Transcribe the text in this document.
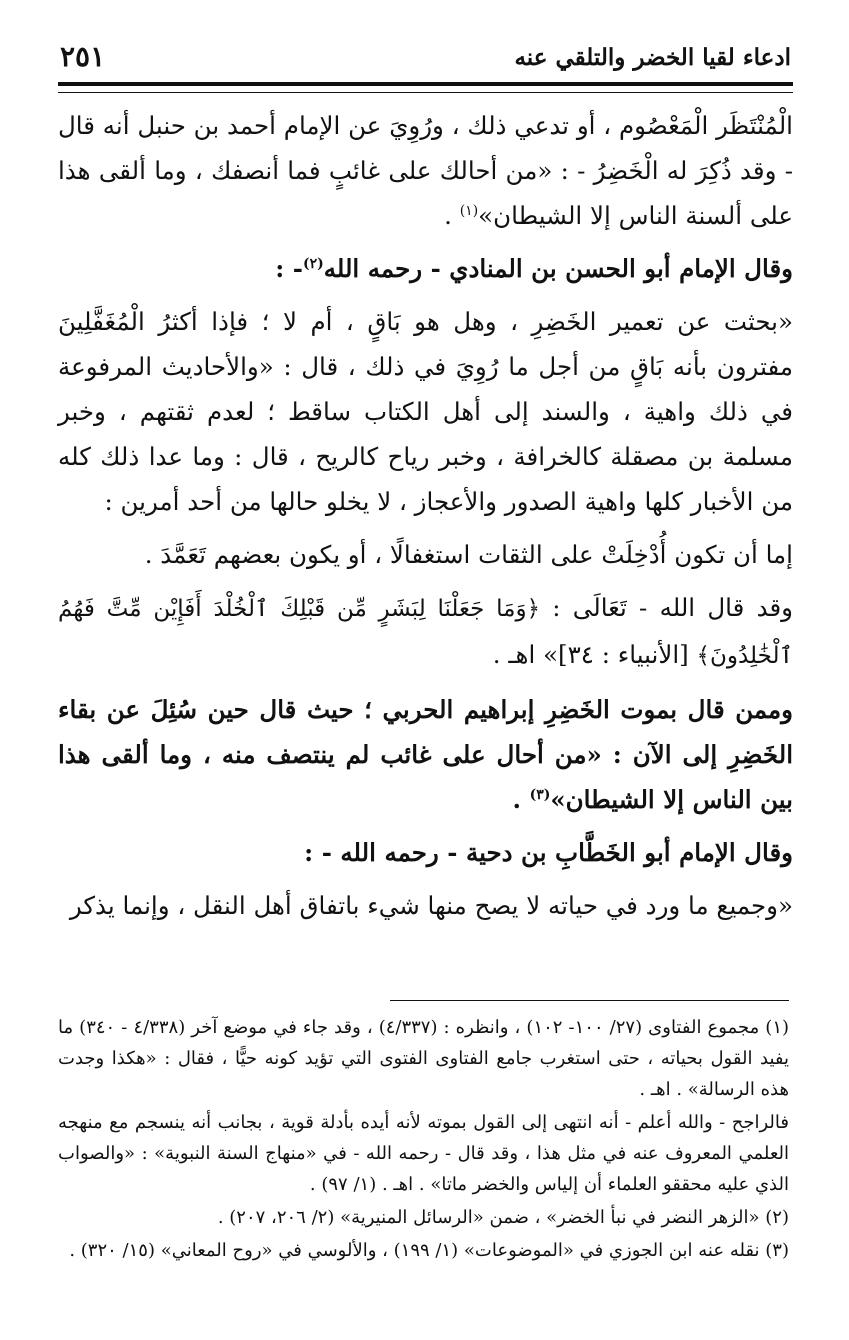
ادعاء لقيا الخضر والتلقي عنه
٢٥١

الْمُنْتَظَر الْمَعْصُوم ، أو تدعي ذلك ، ورُوِيَ عن الإمام أحمد بن حنبل أنه قال - وقد ذُكِرَ له الْخَضِرُ - : «من أحالك على غائبٍ فما أنصفك ، وما ألقى هذا على ألسنة الناس إلا الشيطان»$^{(١)}$ .

وقال الإمام أبو الحسن بن المنادي - رحمه الله$^{(٢)}$- :

«بحثت عن تعمير الخَضِرِ ، وهل هو بَاقٍ ، أم لا ؛ فإذا أكثرُ الْمُغَفَّلِينَ مفترون بأنه بَاقٍ من أجل ما رُوِيَ في ذلك ، قال : «والأحاديث المرفوعة في ذلك واهية ، والسند إلى أهل الكتاب ساقط ؛ لعدم ثقتهم ، وخبر مسلمة بن مصقلة كالخرافة ، وخبر رياح كالريح ، قال : وما عدا ذلك كله من الأخبار كلها واهية الصدور والأعجاز ، لا يخلو حالها من أحد أمرين :

إما أن تكون أُدْخِلَتْ على الثقات استغفالًا ، أو يكون بعضهم تَعَمَّدَ .

وقد قال الله - تَعَالَى : ﴿وَمَا جَعَلْنَا لِبَشَرٍ مِّن قَبْلِكَ ٱلْخُلْدَ أَفَإِيْن مِّتَّ فَهُمُ ٱلْخَٰلِدُونَ﴾ [الأنبياء : ٣٤]» اهـ .

وممن قال بموت الخَضِرِ إبراهيم الحربي ؛ حيث قال حين سُئِلَ عن بقاء الخَضِرِ إلى الآن : «من أحال على غائب لم ينتصف منه ، وما ألقى هذا بين الناس إلا الشيطان»$^{(٣)}$ .

وقال الإمام أبو الخَطَّابِ بن دحية - رحمه الله - :

«وجميع ما ورد في حياته لا يصح منها شيء باتفاق أهل النقل ، وإنما يذكر

(١) مجموع الفتاوى (٢٧/ ١٠٠- ١٠٢) ، وانظره : (٤/٣٣٧) ، وقد جاء في موضع آخر (٤/٣٣٨ - ٣٤٠) ما يفيد القول بحياته ، حتى استغرب جامع الفتاوى الفتوى التي تؤيد كونه حيًّا ، فقال : «هكذا وجدت هذه الرسالة» . اهـ .

فالراجح - والله أعلم - أنه انتهى إلى القول بموته لأنه أيده بأدلة قوية ، بجانب أنه ينسجم مع منهجه العلمي المعروف عنه في مثل هذا ، وقد قال - رحمه الله - في «منهاج السنة النبوية» : «والصواب الذي عليه محققو العلماء أن إلياس والخضر ماتا» . اهـ . (١/ ٩٧) .

(٢) «الزهر النضر في نبأ الخضر» ، ضمن «الرسائل المنيرية» (٢/ ٢٠٦، ٢٠٧) .

(٣) نقله عنه ابن الجوزي في «الموضوعات» (١/ ١٩٩) ، والألوسي في «روح المعاني» (١٥/ ٣٢٠) .
